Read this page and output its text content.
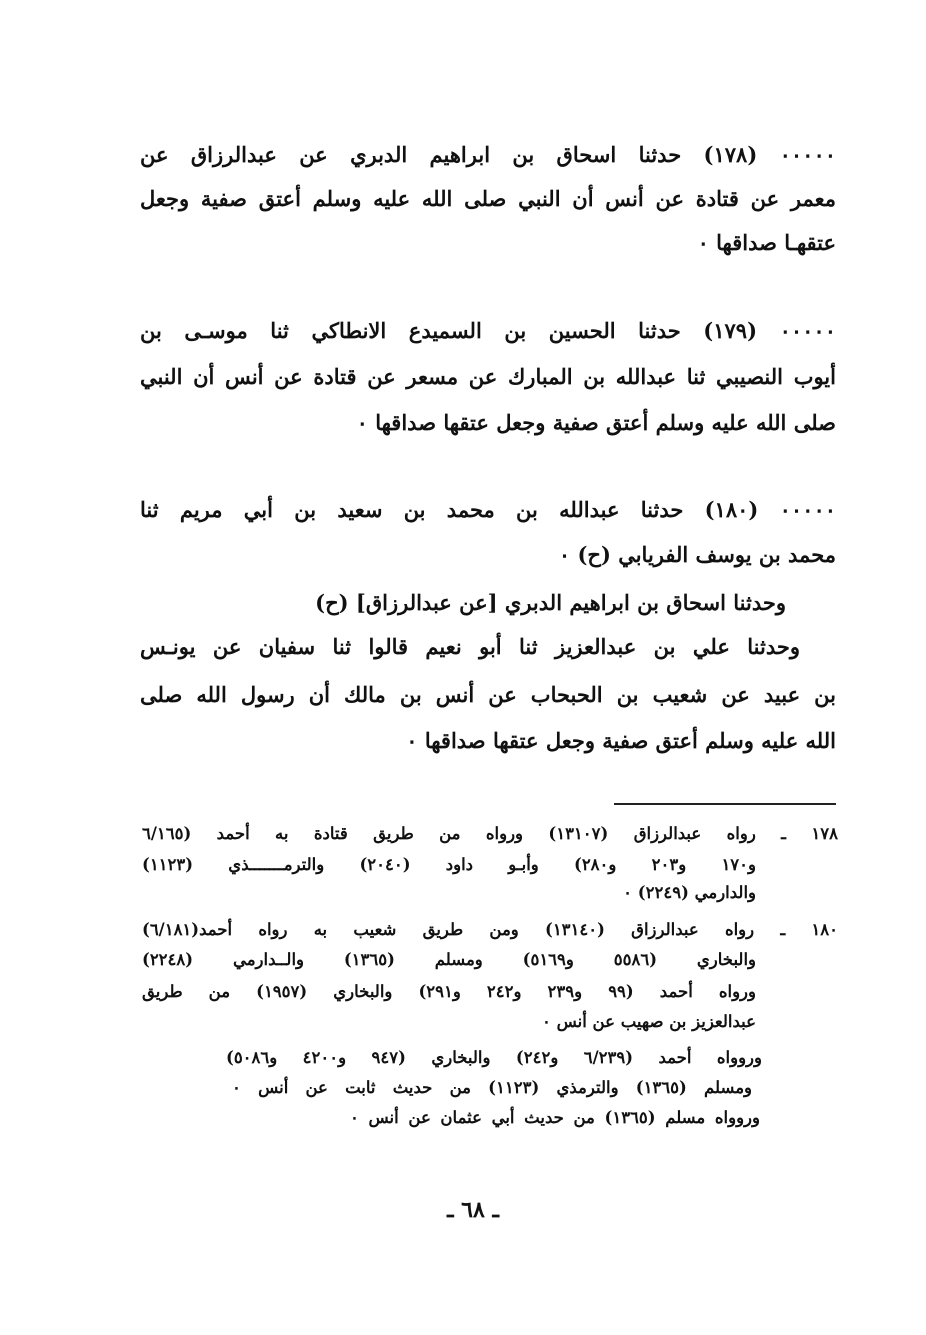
٠٠٠٠٠ (١٧٨) حدثنا اسحاق بن ابراهيم الدبري عن عبدالرزاق عن
معمر عن قتادة عن أنس أن النبي صلى الله عليه وسلم أعتق صفية وجعل
عتقهـا صداقها ٠
٠٠٠٠٠ (١٧٩) حدثنا الحسين بن السميدع الانطاكي ثنا موسـى بن
أيوب النصيبي ثنا عبدالله بن المبارك عن مسعر عن قتادة عن أنس أن النبي
صلى الله عليه وسلم أعتق صفية وجعل عتقها صداقها ٠
٠٠٠٠٠ (١٨٠) حدثنا عبدالله بن محمد بن سعيد بن أبي مريم ثنا
محمد بن يوسف الفريابي (ح) ٠
وحدثنا اسحاق بن ابراهيم الدبري [عن عبدالرزاق] (ح)
وحدثنا علي بن عبدالعزيز ثنا أبو نعيم قالوا ثنا سفيان عن يونـس
بن عبيد عن شعيب بن الحبحاب عن أنس بن مالك أن رسول الله صلى
الله عليه وسلم أعتق صفية وجعل عتقها صداقها ٠
١٧٨ ـ رواه عبدالرزاق (١٣١٠٧) ورواه من طريق قتادة به أحمد (٦/١٦٥
و١٧٠ و٢٠٣ و٢٨٠) وأبـو داود (٢٠٤٠) والترمـــــــذي (١١٢٣)
والدارمي (٢٢٤٩) ٠
١٨٠ ـ رواه عبدالرزاق (١٣١٤٠) ومن طريق شعيب به رواه أحمد(٦/١٨١)
والبخاري (٥٥٨٦ و٥١٦٩) ومسلم (١٣٦٥) والــدارمي (٢٢٤٨)
ورواه أحمد (٩٩ و٢٣٩ و٢٤٢ و٢٩١) والبخاري (١٩٥٧) من طريق
عبدالعزيز بن صهيب عن أنس ٠
وروواه أحمد (٦/٢٣٩ و٢٤٢) والبخاري (٩٤٧ و٤٢٠٠ و٥٠٨٦)
ومسلم (١٣٦٥) والترمذي (١١٢٣) من حديث ثابت عن أنس ٠
وروواه مسلم (١٣٦٥) من حديث أبي عثمان عن أنس ٠
ـ ٦٨ ـ
